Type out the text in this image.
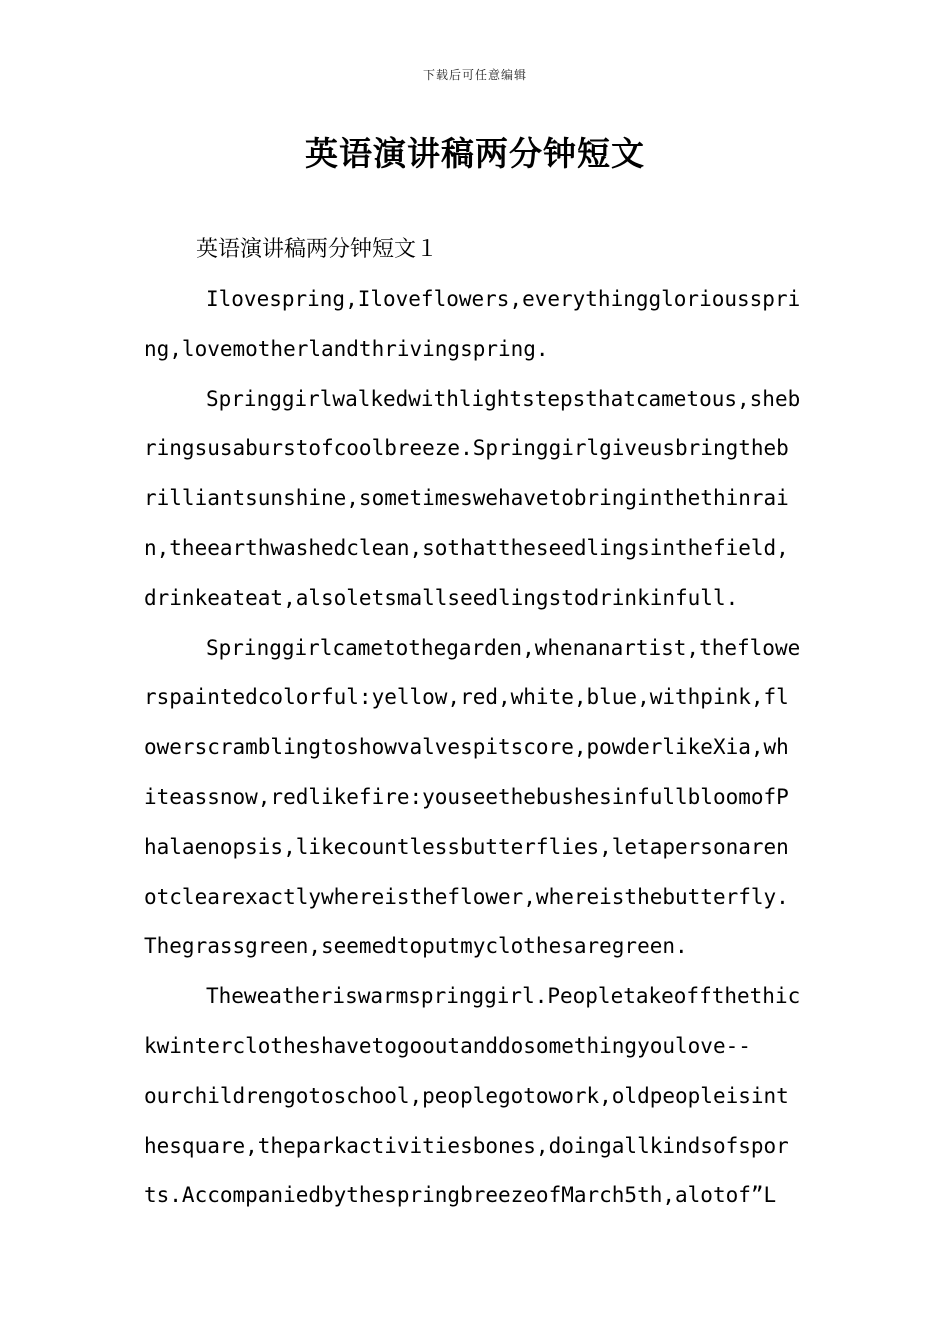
下载后可任意编辑
英语演讲稿两分钟短文
英语演讲稿两分钟短文１
Ilovespring,Iloveflowers,everythinggloriousspri
ng,lovemotherlandthrivingspring.
Springgirlwalkedwithlightstepsthatcametous,sheb
ringsusaburstofcoolbreeze.Springgirlgiveusbringtheb
rilliantsunshine,sometimeswehavetobringinthethinrai
n,theearthwashedclean,sothattheseedlingsinthefield,
drinkeateat,alsoletsmallseedlingstodrinkinfull.
Springgirlcametothegarden,whenanartist,theflowe
rspaintedcolorful:yellow,red,white,blue,withpink,fl
owerscramblingtoshowvalvespitscore,powderlikeXia,wh
iteassnow,redlikefire:youseethebushesinfullbloomofP
halaenopsis,likecountlessbutterflies,letapersonaren
otclearexactlywhereistheflower,whereisthebutterfly.
Thegrassgreen,seemedtoputmyclothesaregreen.
Theweatheriswarmspringgirl.Peopletakeoffthethic
kwinterclotheshavetogooutanddosomethingyoulove--
ourchildrengotoschool,peoplegotowork,oldpeopleisint
hesquare,theparkactivitiesbones,doingallkindsofspor
ts.AccompaniedbythespringbreezeofMarch5th,alotof”L
